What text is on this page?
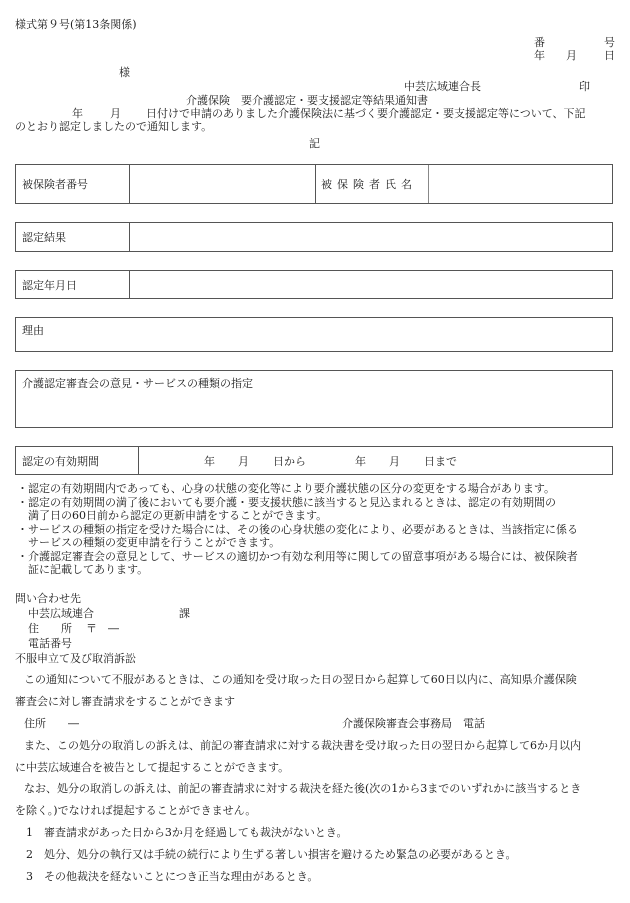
様式第９号(第13条関係)
番	号
年 月 日
様
中芸広域連合長	印
介護保険　要介護認定・要支援認定等結果通知書
年 月 日付けで申請のありました介護保険法に基づく要介護認定・要支援認定等について、下記
のとおり認定しましたので通知します。
記
被保険者番号	被保険者氏名
認定結果
認定年月日
理由
介護認定審査会の意見・サービスの種類の指定
認定の有効期間	年 月 日から	年 月 日まで
・認定の有効期間内であっても、心身の状態の変化等により要介護状態の区分の変更をする場合があります。
・認定の有効期間の満了後においても要介護・要支援状態に該当すると見込まれるときは、認定の有効期間の
満了日の60日前から認定の更新申請をすることができます。
・サービスの種類の指定を受けた場合には、その後の心身状態の変化により、必要があるときは、当該指定に係る
サービスの種類の変更申請を行うことができます。
・介護認定審査会の意見として、サービスの適切かつ有効な利用等に関しての留意事項がある場合には、被保険者
証に記載してあります。
問い合わせ先
中芸広域連合	課
住　　所 〒　―
電話番号
不服申立て及び取消訴訟
この通知について不服があるときは、この通知を受け取った日の翌日から起算して60日以内に、高知県介護保険
審査会に対し審査請求をすることができます
住所　　―	介護保険審査会事務局　電話
また、この処分の取消しの訴えは、前記の審査請求に対する裁決書を受け取った日の翌日から起算して6か月以内
に中芸広域連合を被告として提起することができます。
なお、処分の取消しの訴えは、前記の審査請求に対する裁決を経た後(次の1から3までのいずれかに該当するとき
を除く。)でなければ提起することができません。
1 審査請求があった日から3か月を経過しても裁決がないとき。
2 処分、処分の執行又は手続の続行により生ずる著しい損害を避けるため緊急の必要があるとき。
3 その他裁決を経ないことにつき正当な理由があるとき。
